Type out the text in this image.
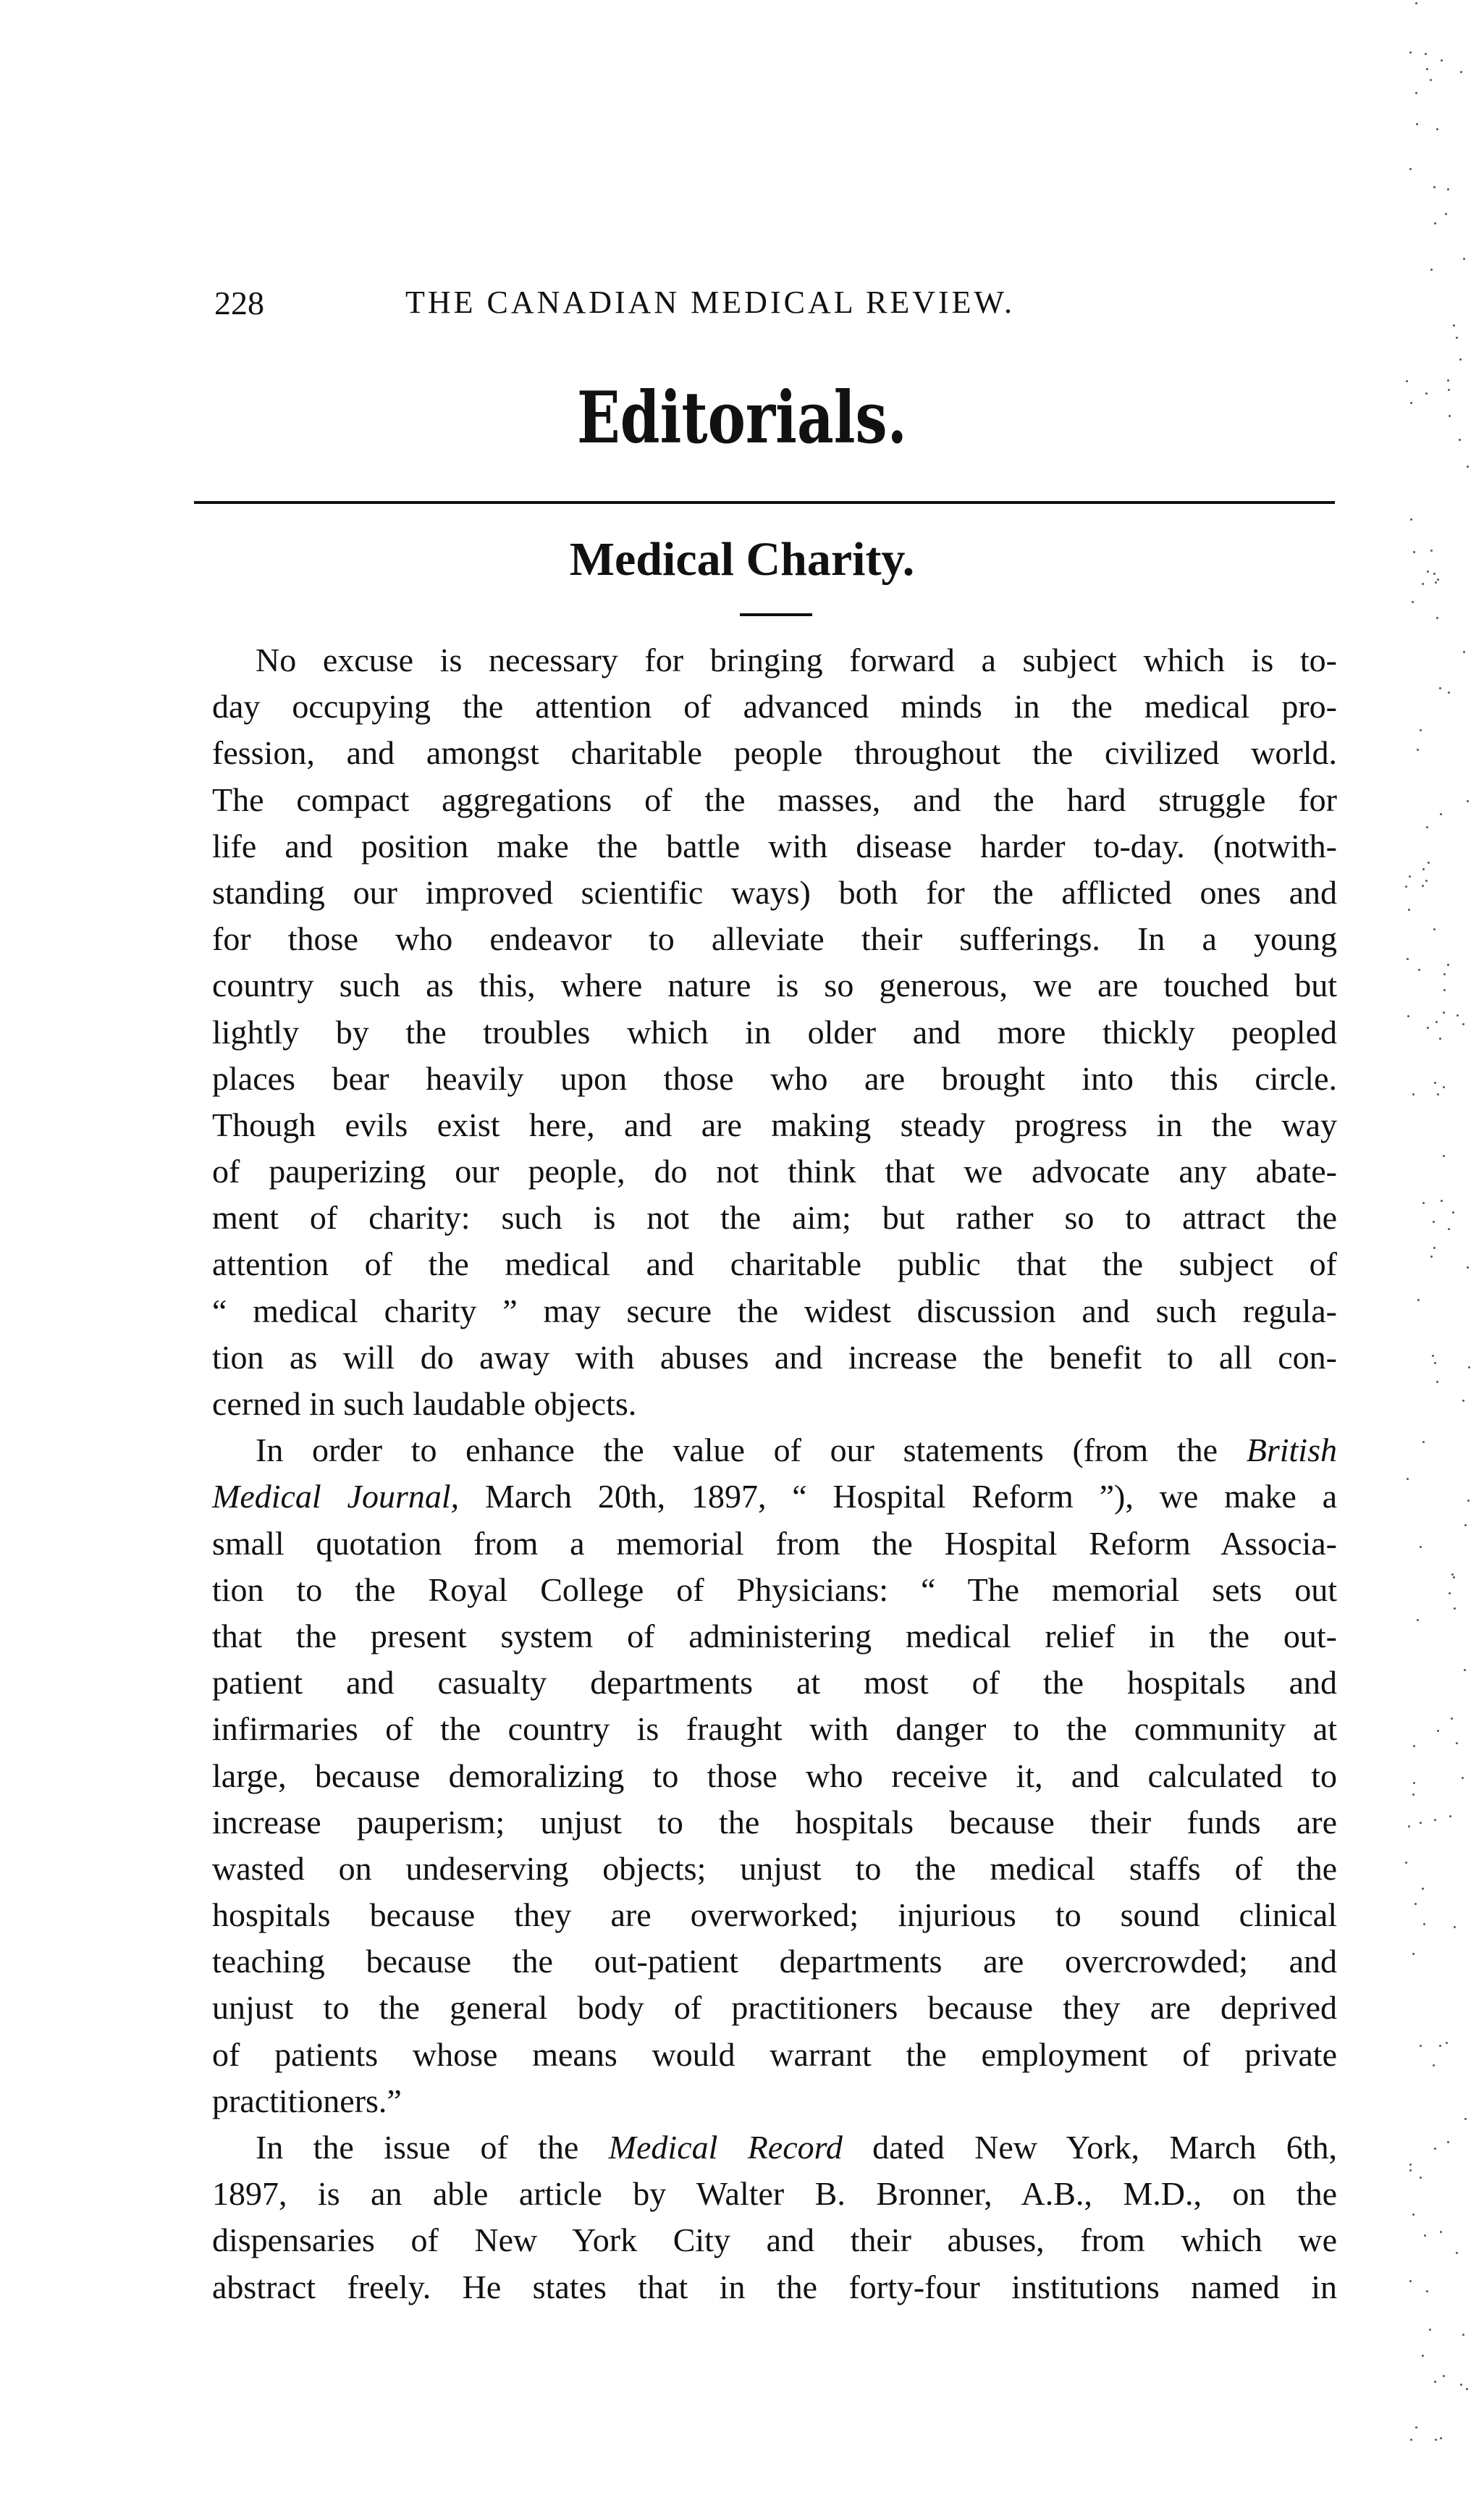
228	THE CANADIAN MEDICAL REVIEW.
Editorials.
Medical Charity.
No excuse is necessary for bringing forward a subject which is to-
day occupying the attention of advanced minds in the medical pro-
fession, and amongst charitable people throughout the civilized world.
The compact aggregations of the masses, and the hard struggle for
life and position make the battle with disease harder to-day. (notwith-
standing our improved scientific ways) both for the afflicted ones and
for those who endeavor to alleviate their sufferings. In a young
country such as this, where nature is so generous, we are touched but
lightly by the troubles which in older and more thickly peopled
places bear heavily upon those who are brought into this circle.
Though evils exist here, and are making steady progress in the way
of pauperizing our people, do not think that we advocate any abate-
ment of charity: such is not the aim; but rather so to attract the
attention of the medical and charitable public that the subject of
“ medical charity ” may secure the widest discussion and such regula-
tion as will do away with abuses and increase the benefit to all con-
cerned in such laudable objects.
In order to enhance the value of our statements (from the British
Medical Journal, March 20th, 1897, “ Hospital Reform ”), we make a
small quotation from a memorial from the Hospital Reform Associa-
tion to the Royal College of Physicians: “ The memorial sets out
that the present system of administering medical relief in the out-
patient and casualty departments at most of the hospitals and
infirmaries of the country is fraught with danger to the community at
large, because demoralizing to those who receive it, and calculated to
increase pauperism; unjust to the hospitals because their funds are
wasted on undeserving objects; unjust to the medical staffs of the
hospitals because they are overworked; injurious to sound clinical
teaching because the out-patient departments are overcrowded; and
unjust to the general body of practitioners because they are deprived
of patients whose means would warrant the employment of private
practitioners.”
In the issue of the Medical Record dated New York, March 6th,
1897, is an able article by Walter B. Bronner, A.B., M.D., on the
dispensaries of New York City and their abuses, from which we
abstract freely. He states that in the forty-four institutions named in
